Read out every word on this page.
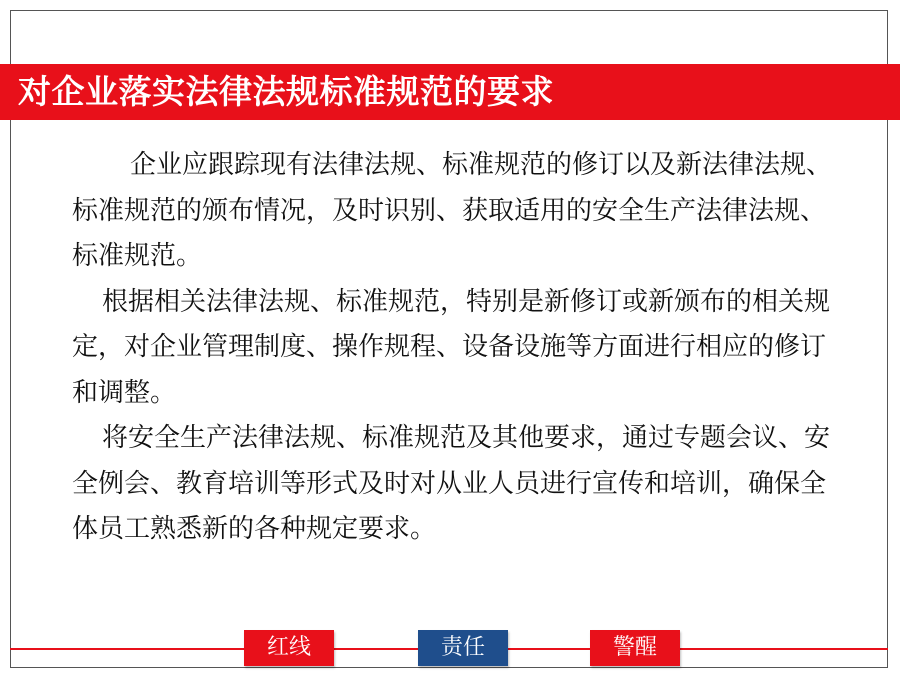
对企业落实法律法规标准规范的要求

企业应跟踪现有法律法规、标准规范的修订以及新法律法规、标准规范的颁布情况，及时识别、获取适用的安全生产法律法规、标准规范。

根据相关法律法规、标准规范，特别是新修订或新颁布的相关规定，对企业管理制度、操作规程、设备设施等方面进行相应的修订和调整。

将安全生产法律法规、标准规范及其他要求，通过专题会议、安全例会、教育培训等形式及时对从业人员进行宣传和培训，确保全体员工熟悉新的各种规定要求。

红线	责任	警醒
